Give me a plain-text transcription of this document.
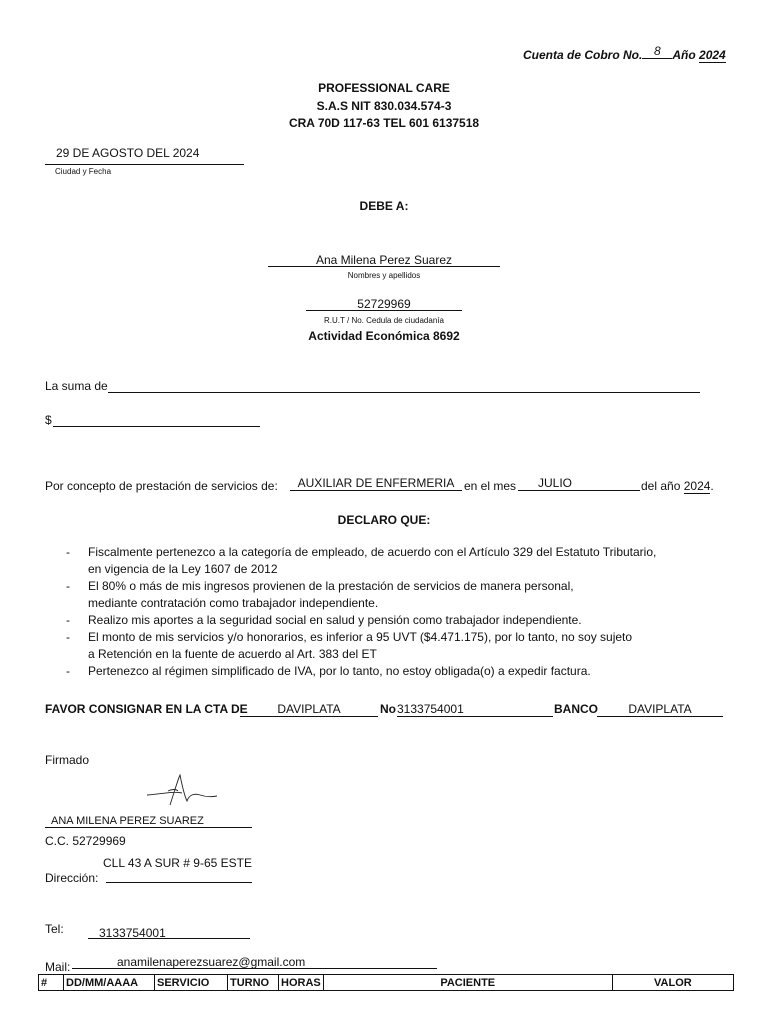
Cuenta de Cobro No. 8 Año 2024
PROFESSIONAL CARE
S.A.S NIT 830.034.574-3
CRA 70D 117-63 TEL 601 6137518
29 DE AGOSTO DEL 2024
Ciudad y Fecha
DEBE A:
Ana Milena Perez Suarez
Nombres y apellidos
52729969
R.U.T / No. Cedula de ciudadanía
Actividad Económica 8692
La suma de
$
Por concepto de prestación de servicios de:	AUXILIAR DE ENFERMERIA en el mes	JULIO	del año 2024.
DECLARO QUE:
- Fiscalmente pertenezco a la categoría de empleado, de acuerdo con el Artículo 329 del Estatuto Tributario,
en vigencia de la Ley 1607 de 2012
- El 80% o más de mis ingresos provienen de la prestación de servicios de manera personal,
mediante contratación como trabajador independiente.
- Realizo mis aportes a la seguridad social en salud y pensión como trabajador independiente.
- El monto de mis servicios y/o honorarios, es inferior a 95 UVT ($4.471.175), por lo tanto, no soy sujeto
a Retención en la fuente de acuerdo al Art. 383 del ET
- Pertenezco al régimen simplificado de IVA, por lo tanto, no estoy obligada(o) a expedir factura.
FAVOR CONSIGNAR EN LA CTA DE	DAVIPLATA	No 3133754001	BANCO	DAVIPLATA
Firmado
ANA MILENA PEREZ SUAREZ
C.C. 52729969
CLL 43 A SUR # 9-65 ESTE
Dirección:
Tel:	3133754001
Mail:	anamilenaperezsuarez@gmail.com
#	DD/MM/AAAA	SERVICIO	TURNO	HORAS	PACIENTE	VALOR
